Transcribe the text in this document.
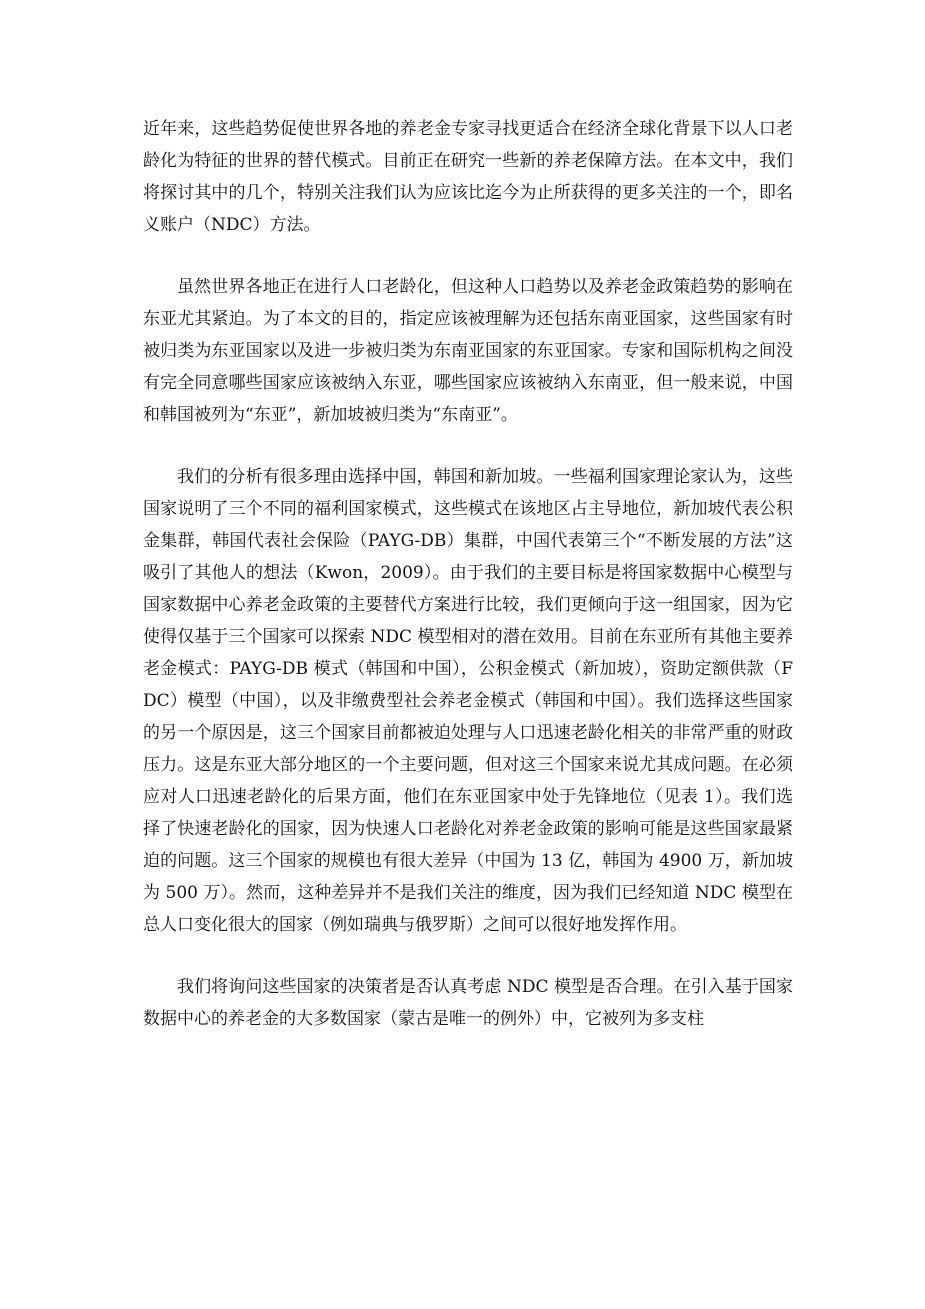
近年来，这些趋势促使世界各地的养老金专家寻找更适合在经济全球化背景下以人口老龄化为特征的世界的替代模式。目前正在研究一些新的养老保障方法。在本文中，我们将探讨其中的几个，特别关注我们认为应该比迄今为止所获得的更多关注的一个，即名义账户（NDC）方法。

虽然世界各地正在进行人口老龄化，但这种人口趋势以及养老金政策趋势的影响在东亚尤其紧迫。为了本文的目的，指定应该被理解为还包括东南亚国家，这些国家有时被归类为东亚国家以及进一步被归类为东南亚国家的东亚国家。专家和国际机构之间没有完全同意哪些国家应该被纳入东亚，哪些国家应该被纳入东南亚，但一般来说，中国和韩国被列为“东亚”，新加坡被归类为“东南亚”。

我们的分析有很多理由选择中国，韩国和新加坡。一些福利国家理论家认为，这些国家说明了三个不同的福利国家模式，这些模式在该地区占主导地位，新加坡代表公积金集群，韩国代表社会保险（PAYG-DB）集群，中国代表第三个“不断发展的方法”这吸引了其他人的想法（Kwon，2009）。由于我们的主要目标是将国家数据中心模型与国家数据中心养老金政策的主要替代方案进行比较，我们更倾向于这一组国家，因为它使得仅基于三个国家可以探索 NDC 模型相对的潜在效用。目前在东亚所有其他主要养老金模式：PAYG-DB 模式（韩国和中国），公积金模式（新加坡），资助定额供款（FDC）模型（中国），以及非缴费型社会养老金模式（韩国和中国）。我们选择这些国家的另一个原因是，这三个国家目前都被迫处理与人口迅速老龄化相关的非常严重的财政压力。这是东亚大部分地区的一个主要问题，但对这三个国家来说尤其成问题。在必须应对人口迅速老龄化的后果方面，他们在东亚国家中处于先锋地位（见表 1）。我们选择了快速老龄化的国家，因为快速人口老龄化对养老金政策的影响可能是这些国家最紧迫的问题。这三个国家的规模也有很大差异（中国为 13 亿，韩国为 4900 万，新加坡为 500 万）。然而，这种差异并不是我们关注的维度，因为我们已经知道 NDC 模型在总人口变化很大的国家（例如瑞典与俄罗斯）之间可以很好地发挥作用。

我们将询问这些国家的决策者是否认真考虑 NDC 模型是否合理。在引入基于国家数据中心的养老金的大多数国家（蒙古是唯一的例外）中，它被列为多支柱
